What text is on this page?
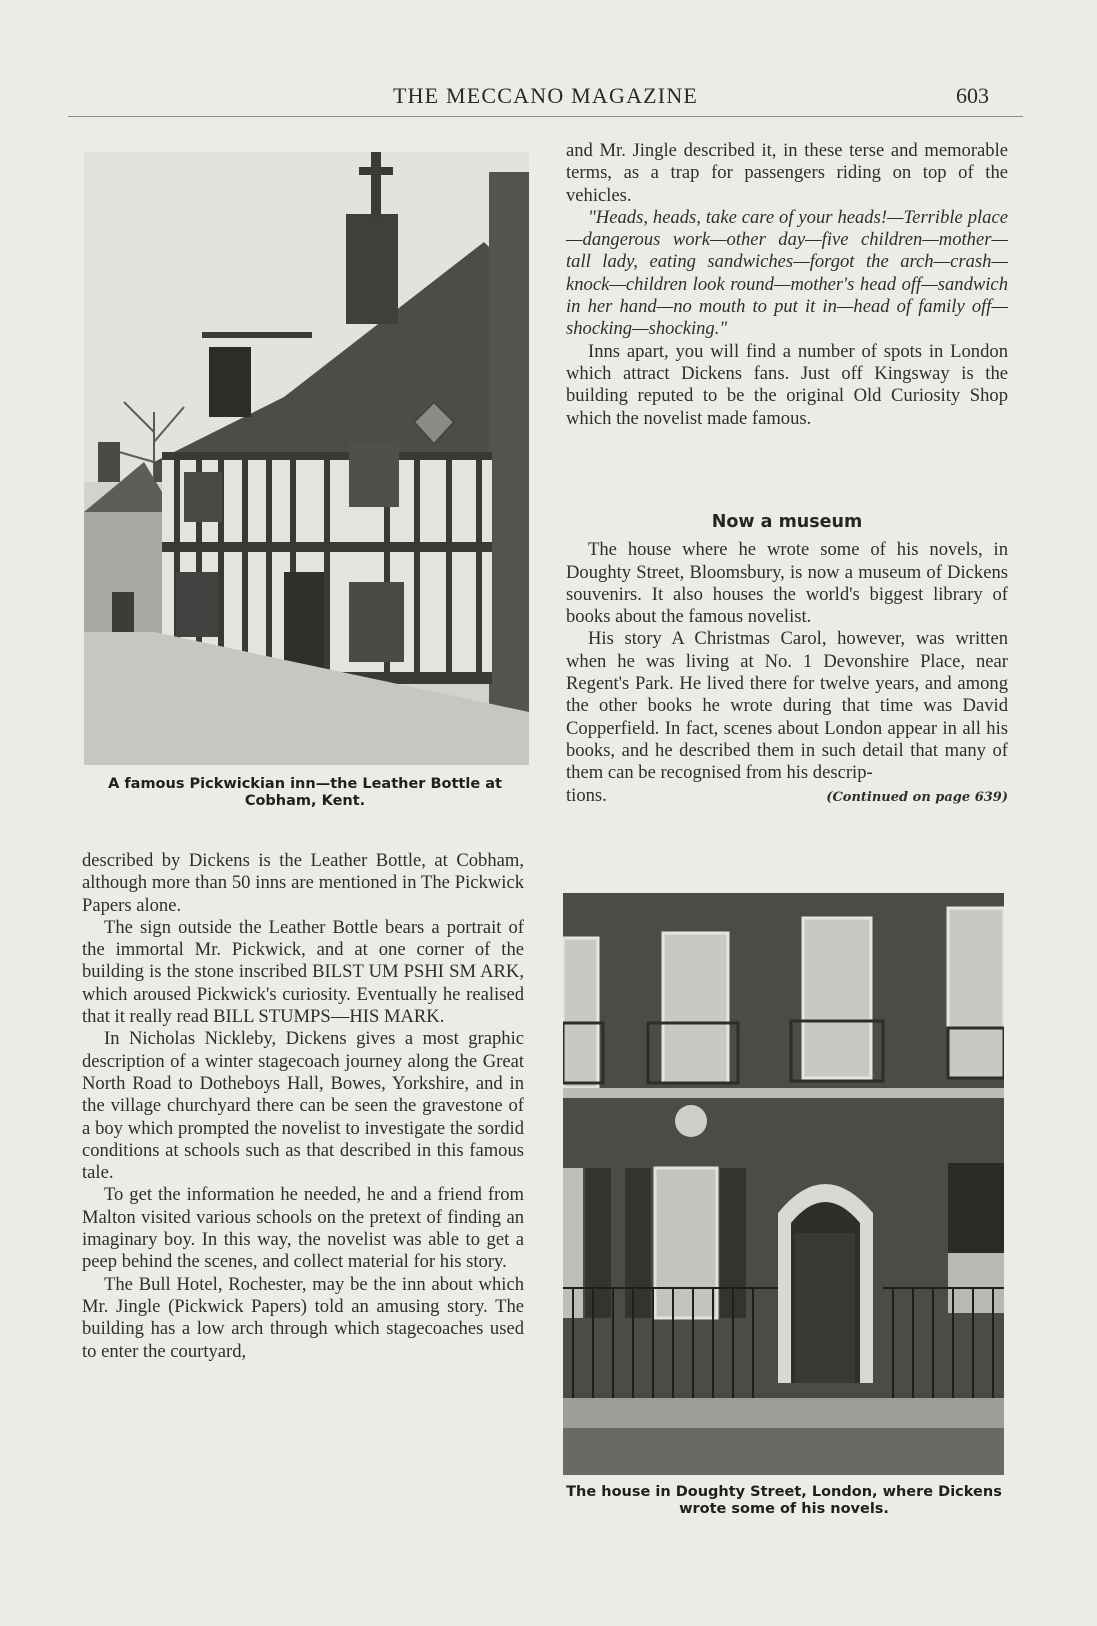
THE MECCANO MAGAZINE	603
A famous Pickwickian inn—the Leather Bottle at Cobham, Kent.

described by Dickens is the Leather Bottle, at Cobham, although more than 50 inns are mentioned in The Pickwick Papers alone.

The sign outside the Leather Bottle bears a portrait of the immortal Mr. Pickwick, and at one corner of the building is the stone inscribed BILST UM PSHI SM ARK, which aroused Pickwick's curiosity. Eventually he realised that it really read BILL STUMPS—HIS MARK.

In Nicholas Nickleby, Dickens gives a most graphic description of a winter stagecoach journey along the Great North Road to Dotheboys Hall, Bowes, Yorkshire, and in the village churchyard there can be seen the gravestone of a boy which prompted the novelist to investigate the sordid conditions at schools such as that described in this famous tale.

To get the information he needed, he and a friend from Malton visited various schools on the pretext of finding an imaginary boy. In this way, the novelist was able to get a peep behind the scenes, and collect material for his story.

The Bull Hotel, Rochester, may be the inn about which Mr. Jingle (Pickwick Papers) told an amusing story. The building has a low arch through which stagecoaches used to enter the courtyard,

and Mr. Jingle described it, in these terse and memorable terms, as a trap for passengers riding on top of the vehicles.

"Heads, heads, take care of your heads!—Terrible place—dangerous work—other day—five children—mother—tall lady, eating sandwiches—forgot the arch—crash—knock—children look round—mother's head off—sandwich in her hand—no mouth to put it in—head of family off—shocking—shocking."

Inns apart, you will find a number of spots in London which attract Dickens fans. Just off Kingsway is the building reputed to be the original Old Curiosity Shop which the novelist made famous.

Now a museum

The house where he wrote some of his novels, in Doughty Street, Bloomsbury, is now a museum of Dickens souvenirs. It also houses the world's biggest library of books about the famous novelist.

His story A Christmas Carol, however, was written when he was living at No. 1 Devonshire Place, near Regent's Park. He lived there for twelve years, and among the other books he wrote during that time was David Copperfield. In fact, scenes about London appear in all his books, and he described them in such detail that many of them can be recognised from his descrip-

tions.	(Continued on page 639)
The house in Doughty Street, London, where Dickens wrote some of his novels.
